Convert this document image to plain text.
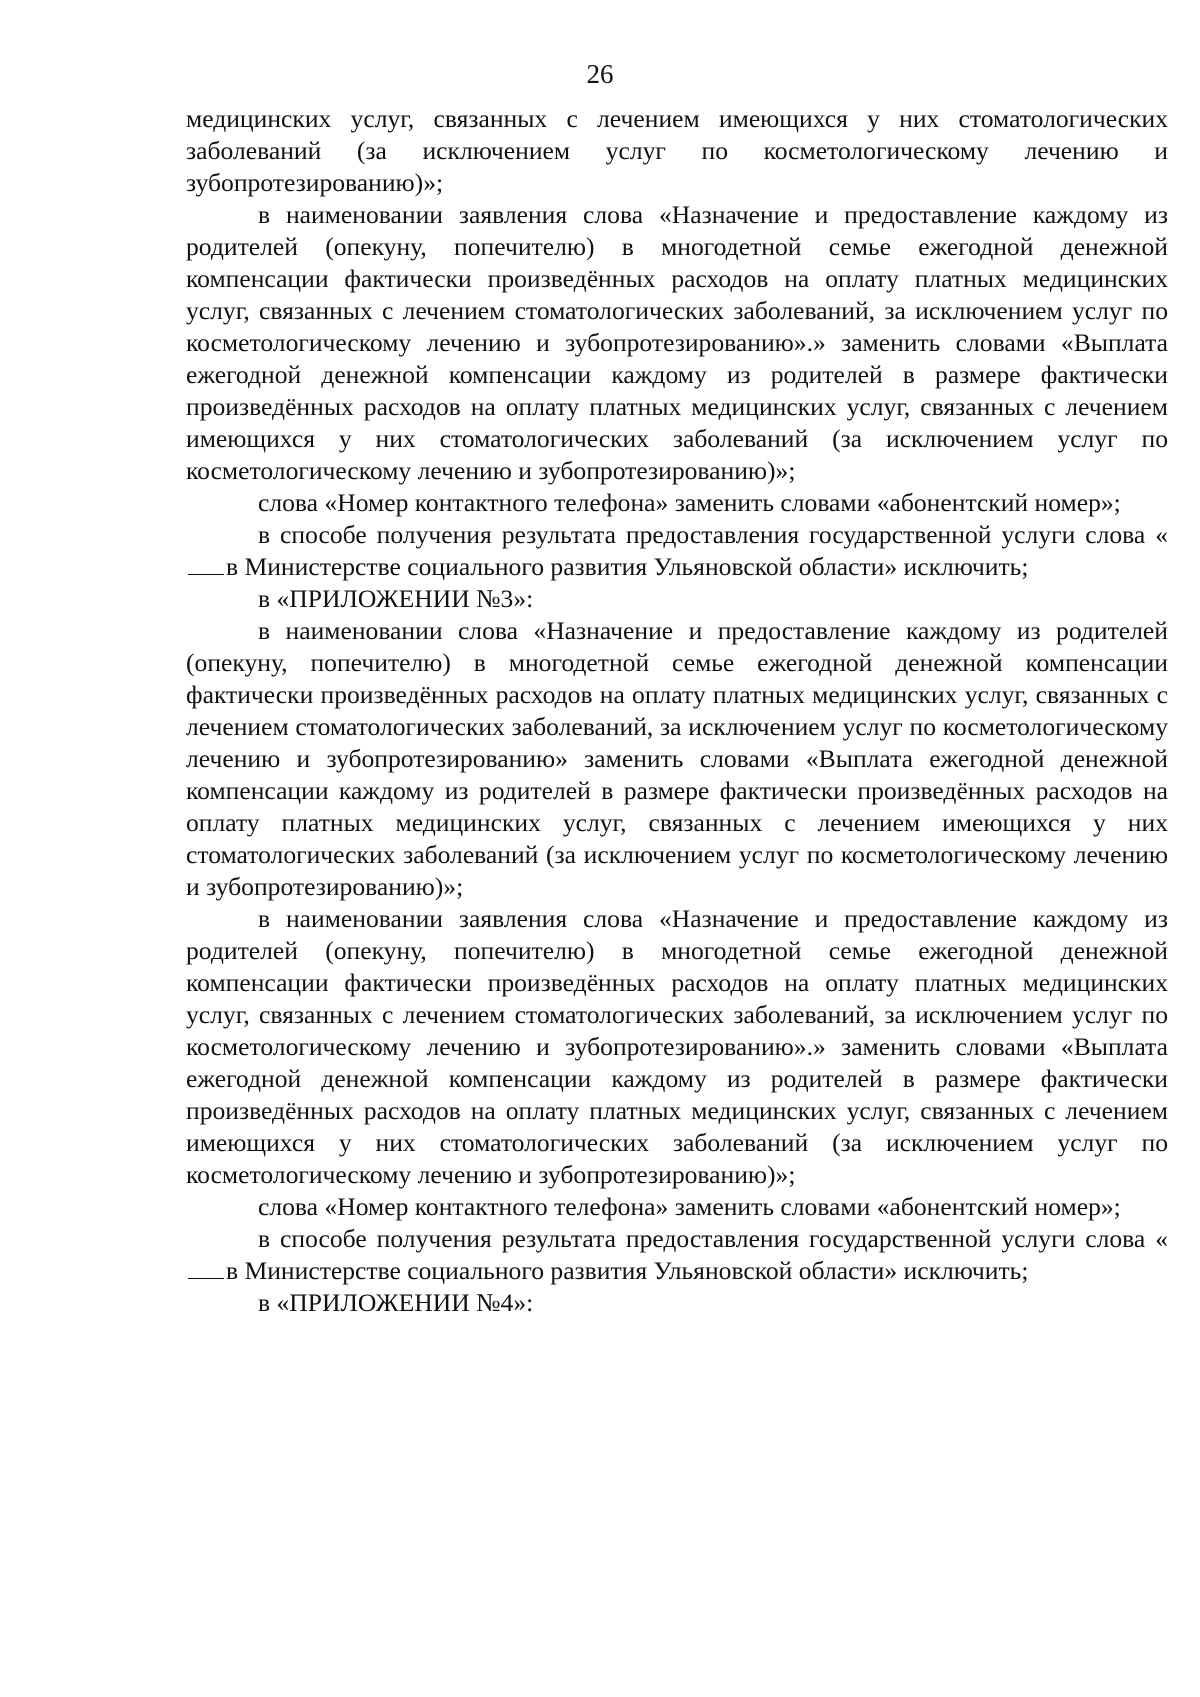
26

медицинских услуг, связанных с лечением имеющихся у них стоматологических заболеваний (за исключением услуг по косметологическому лечению и зубопротезированию)»;

в наименовании заявления слова «Назначение и предоставление каждому из родителей (опекуну, попечителю) в многодетной семье ежегодной денежной компенсации фактически произведённых расходов на оплату платных медицинских услуг, связанных с лечением стоматологических заболеваний, за исключением услуг по косметологическому лечению и зубопротезированию».» заменить словами «Выплата ежегодной денежной компенсации каждому из родителей в размере фактически произведённых расходов на оплату платных медицинских услуг, связанных с лечением имеющихся у них стоматологических заболеваний (за исключением услуг по косметологическому лечению и зубопротезированию)»;

слова «Номер контактного телефона» заменить словами «абонентский номер»;

в способе получения результата предоставления государственной услуги слова «в Министерстве социального развития Ульяновской области» исключить;

в «ПРИЛОЖЕНИИ №3»:

в наименовании слова «Назначение и предоставление каждому из родителей (опекуну, попечителю) в многодетной семье ежегодной денежной компенсации фактически произведённых расходов на оплату платных медицинских услуг, связанных с лечением стоматологических заболеваний, за исключением услуг по косметологическому лечению и зубопротезированию» заменить словами «Выплата ежегодной денежной компенсации каждому из родителей в размере фактически произведённых расходов на оплату платных медицинских услуг, связанных с лечением имеющихся у них стоматологических заболеваний (за исключением услуг по косметологическому лечению и зубопротезированию)»;

в наименовании заявления слова «Назначение и предоставление каждому из родителей (опекуну, попечителю) в многодетной семье ежегодной денежной компенсации фактически произведённых расходов на оплату платных медицинских услуг, связанных с лечением стоматологических заболеваний, за исключением услуг по косметологическому лечению и зубопротезированию».» заменить словами «Выплата ежегодной денежной компенсации каждому из родителей в размере фактически произведённых расходов на оплату платных медицинских услуг, связанных с лечением имеющихся у них стоматологических заболеваний (за исключением услуг по косметологическому лечению и зубопротезированию)»;

слова «Номер контактного телефона» заменить словами «абонентский номер»;

в способе получения результата предоставления государственной услуги слова «в Министерстве социального развития Ульяновской области» исключить;

в «ПРИЛОЖЕНИИ №4»:
